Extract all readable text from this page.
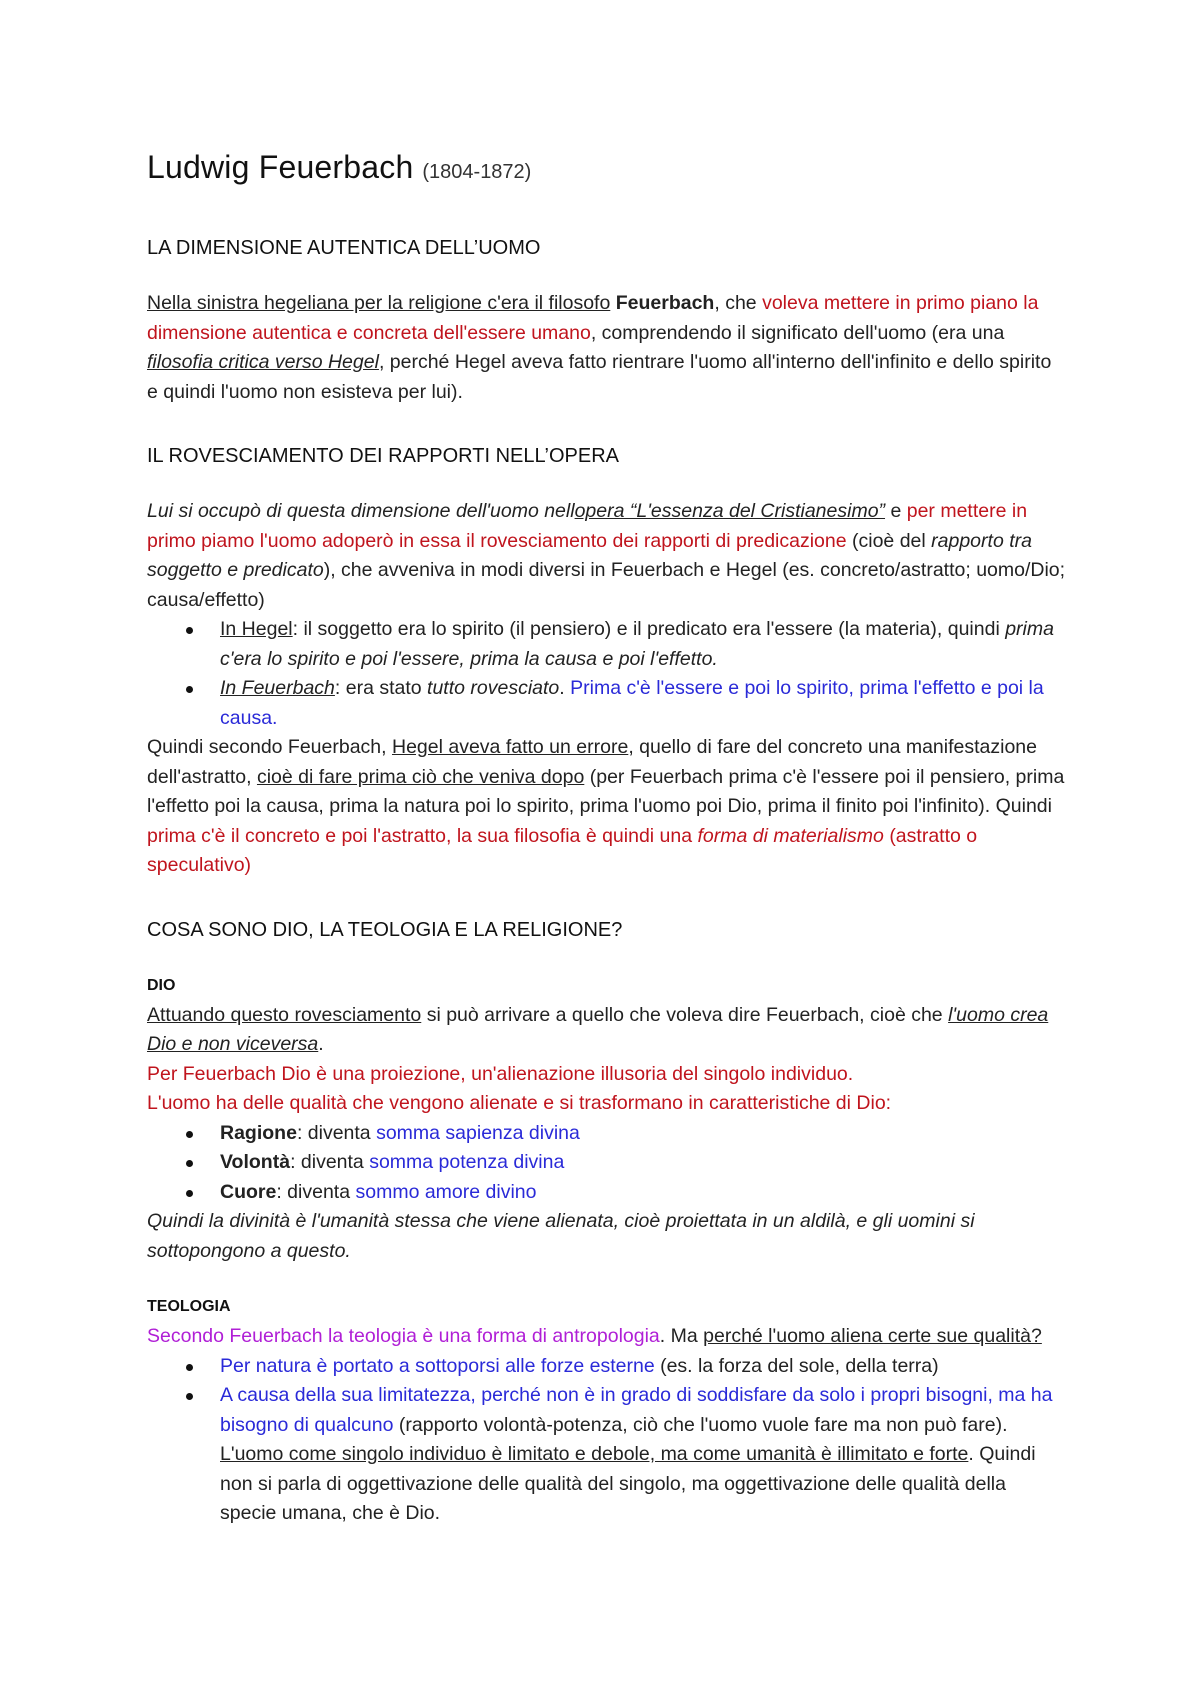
Ludwig Feuerbach (1804-1872)
LA DIMENSIONE AUTENTICA DELL’UOMO

Nella sinistra hegeliana per la religione c'era il filosofo Feuerbach, che voleva mettere in primo piano la dimensione autentica e concreta dell'essere umano, comprendendo il significato dell'uomo (era una filosofia critica verso Hegel, perché Hegel aveva fatto rientrare l'uomo all'interno dell'infinito e dello spirito e quindi l'uomo non esisteva per lui).

IL ROVESCIAMENTO DEI RAPPORTI NELL’OPERA

Lui si occupò di questa dimensione dell'uomo nellopera “L'essenza del Cristianesimo” e per mettere in primo piamo l'uomo adoperò in essa il rovesciamento dei rapporti di predicazione (cioè del rapporto tra soggetto e predicato), che avveniva in modi diversi in Feuerbach e Hegel (es. concreto/astratto; uomo/Dio; causa/effetto)

In Hegel: il soggetto era lo spirito (il pensiero) e il predicato era l'essere (la materia), quindi prima c'era lo spirito e poi l'essere, prima la causa e poi l'effetto.
In Feuerbach: era stato tutto rovesciato. Prima c'è l'essere e poi lo spirito, prima l'effetto e poi la causa.

Quindi secondo Feuerbach, Hegel aveva fatto un errore, quello di fare del concreto una manifestazione dell'astratto, cioè di fare prima ciò che veniva dopo (per Feuerbach prima c'è l'essere poi il pensiero, prima l'effetto poi la causa, prima la natura poi lo spirito, prima l'uomo poi Dio, prima il finito poi l'infinito). Quindi prima c'è il concreto e poi l'astratto, la sua filosofia è quindi una forma di materialismo (astratto o speculativo)

COSA SONO DIO, LA TEOLOGIA E LA RELIGIONE?
DIO

Attuando questo rovesciamento si può arrivare a quello che voleva dire Feuerbach, cioè che l'uomo crea Dio e non viceversa.

Per Feuerbach Dio è una proiezione, un'alienazione illusoria del singolo individuo.

L'uomo ha delle qualità che vengono alienate e si trasformano in caratteristiche di Dio:

Ragione: diventa somma sapienza divina
Volontà: diventa somma potenza divina
Cuore: diventa sommo amore divino

Quindi la divinità è l'umanità stessa che viene alienata, cioè proiettata in un aldilà, e gli uomini si sottopongono a questo.

TEOLOGIA

Secondo Feuerbach la teologia è una forma di antropologia. Ma perché l'uomo aliena certe sue qualità?

Per natura è portato a sottoporsi alle forze esterne (es. la forza del sole, della terra)
A causa della sua limitatezza, perché non è in grado di soddisfare da solo i propri bisogni, ma ha bisogno di qualcuno (rapporto volontà-potenza, ciò che l'uomo vuole fare ma non può fare). L'uomo come singolo individuo è limitato e debole, ma come umanità è illimitato e forte. Quindi non si parla di oggettivazione delle qualità del singolo, ma oggettivazione delle qualità della specie umana, che è Dio.
